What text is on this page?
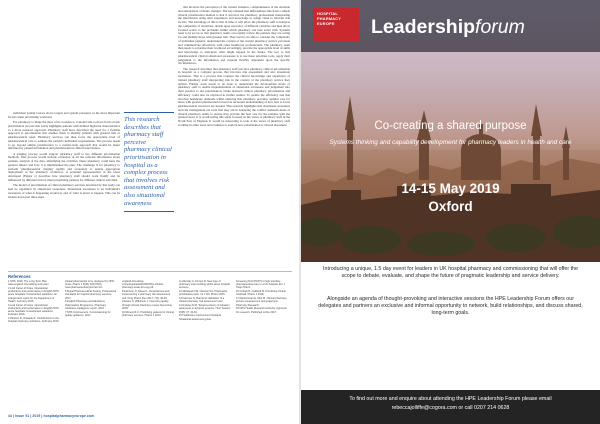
individual patient factors above targets and system pressures as the most important factors when prioritising workload.

For pharmacy to make the most of its workforce, it should aim to move from a basic prioritisation process that solely highlights patients with defined high-risk characteristics to a more nuanced approach. Pharmacy staff have described the need for a flexible approach to prioritisation that enables them to identify patients with greatest risk or pharmaceutical need. Pharmacy services can then focus the appropriate level of pharmaceutical care to address the patient's individual requirements. The process needs to go beyond simple prioritisation to a system-wide approach that would be better informed by patient information and pharmaceutical clinical intervention.

A triaging process would support pharmacy staff to use different prioritisation methods. This process would include collection of all the relevant information about patients, analysis of the data, identifying the activities where pharmacy could have the greatest impact and how it is implemented the plan. The challenge is for pharmacy to perform 'pharmaceutical triaging' rapidly and accurately to enable appropriate deployment of the pharmacy workforce. A potential representation of the ideas developed (Figure 1) describes how pharmacy staff should work fluidly and be influenced by different factors when prioritising patients for different clinical activities.

The model of prioritisation of clinical pharmacy services described by this study can best be explained by situational awareness. Situational awareness is an individual's awareness of what is happening around us and of what is about to happen. This can be broken down into three steps

This research describes that pharmacy staff perceive pharmacy clinical prioritisation in hospital as a complex process that involves risk assessment and also situational awareness

that involves the perception of the current situation, comprehension of the situation and anticipation of future changes. The key element that differentiates this from a simple clinical prioritisation method is that it involves the pharmacy professional interpreting the information using their experience and knowledge to assign value to relevant risk factors. The advantage of this is that in time, it will allow the pharmacy staff to interpret the complexity of situations, decide upon relevancy of different variables and then allow focused action to the problems within which pharmacy can best assist with. Systems need to be set up so that pharmacy teams can rapidly review the patients they are caring for and identify those with greatest risk. They need to be able to consider the complexity of individual patients, understand the context of the current pharmacy service provision and communicate effectively with other healthcare professionals. The pharmacy team then needs to prioritise their workload accordingly, provide the appropriate level of skills and knowledge to anticipate what might happen in the future. The key to this pharmaceutical clinical situational awareness is to use these priorities tools, apply their judgement to the information and respond flexibly dependent upon the specific circumstances.

The research describes that pharmacy staff perceive pharmacy clinical prioritisation in hospital as a complex process that involves risk assessment and also situational awareness. This is a process that requires the clinical knowledge and experience of trained pharmacy staff interpreting risk in the context of the pharmacy service they deliver. Further work needs to be done to understand the development mode of pharmacy staff to enable implementation of situational awareness and judgement into their practice to aid prioritisation. Links between clinical pharmacy prioritisation and efficiency could also be explored in further studies. To enable the efficiency and that involves healthcare demands whilst ensuring that pharmacy provides optimal care for those with greatest pharmaceutical need an increased understanding of how best to focus pharmaceutical resources are needed. This research highlights that situational awareness and risk management are tools that may aid in balancing the conflict demands made of clinical pharmacy teams to ensure they provide the best care for the patients with the greatest need. It is worth noting this study focused on the views of pharmacy staff in the North East of England. It would be interesting to look at the views of pharmacy staff working in other areas and countries to explore how prioritisation is viewed elsewhere.

References

1 NHS. 2019. The Long Term Plan. www.england.nhs.uk/long-term-plan

2 Lord Carter of Coles. Operational productivity and performance in English NHS acute hospitals: Unwarranted variations. An independent report for the Department of Health. February 2016.

3 Lord Carter of Coles. Operational productivity and performance in English NHS acute hospitals: Unwarranted variations. February 2016.

4 Hickson R, Onatade R. Contributions to the hospital pharmacy workforce. February 2016.

clinical pharmacists to be deployed by NHS trusts. Pharm J 2018; 301(7916). www.pharmaceutical-journal.com

5 Royal Pharmaceutical Society. Professional standards for hospital pharmacy services. 2017.

6 English Pharmacy and Medicines Optimisation Programme. Pharmacy workforce intelligence report. 2016.

7 NHS Improvement. Commissioning for quality guidance. 2017.

england.nhs.uk/wp-content/uploads/2019/01/the-clinical-pharmacy-scale-for-eng.pdf

8 Falconer N, Nissen L. Development and implementing a pharmacy risk assessment tool. Drug Pharm Dev 2017; 7(3): 40-49.

9 Evans S, Wilkinson J. Improving quality through clinical pharmacy review. December 2018.

10 Morecroft C. Prioritising patients for clinical pharmacy services. Pharm J 2013.

11 Munday A, Forrest R. New type of pharmacy team working within acute hospital services.

12 Alkhateeb FM, Clauson KA. Pharmacist prioritisation tools. Int J Clin Pharm 2015.

13 Falconer N, Barras M. Validation of a clinical pharmacy risk assessment tool.

14 Endsley M R. Toward a theory of situation awareness in dynamic systems. Hum Factors 1995; 37: 32-64.

15 Healthcare Improvement Scotland. Situational awareness guide.

Screening Tool (PAST) to help prioritise pharmaceutical care in a UK hospital. Eur J Hosp Pharm.

16 Cottrell R, Caldwell M. Prioritising clinical workload. Pharm J 2018.

17 Mantzourani E, Mott M. Clinical pharmacy service measurement and judgement. Pharmacy Research.

18 NHS Health Research Authority. Approval for research. Published online 2017.

44 | Issue 91 | 2019 | hospitalpharmacyeurope.com
HOSPITAL
PHARMACY
EUROPE	Leadershipforum
Co-creating a shared purpose
Systems thinking and capability development for pharmacy leaders in health and care
14-15 May 2019
Oxford
Introducing a unique, 1.5 day event for leaders in UK hospital pharmacy and commissioning that will offer the scope to debate, evaluate, and shape the future of pragmatic leadership and service delivery.
Alongside an agenda of thought-provoking and interactive sessions the HPE Leadership Forum offers our delegates and partners an exclusive and informal opportunity to network, build relationships, and discuss shared, long-term goals.
To find out more and enquire about attending the HPE Leadership Forum please email
rebeccajolliffe@cogora.com or call 0207 214 0628
